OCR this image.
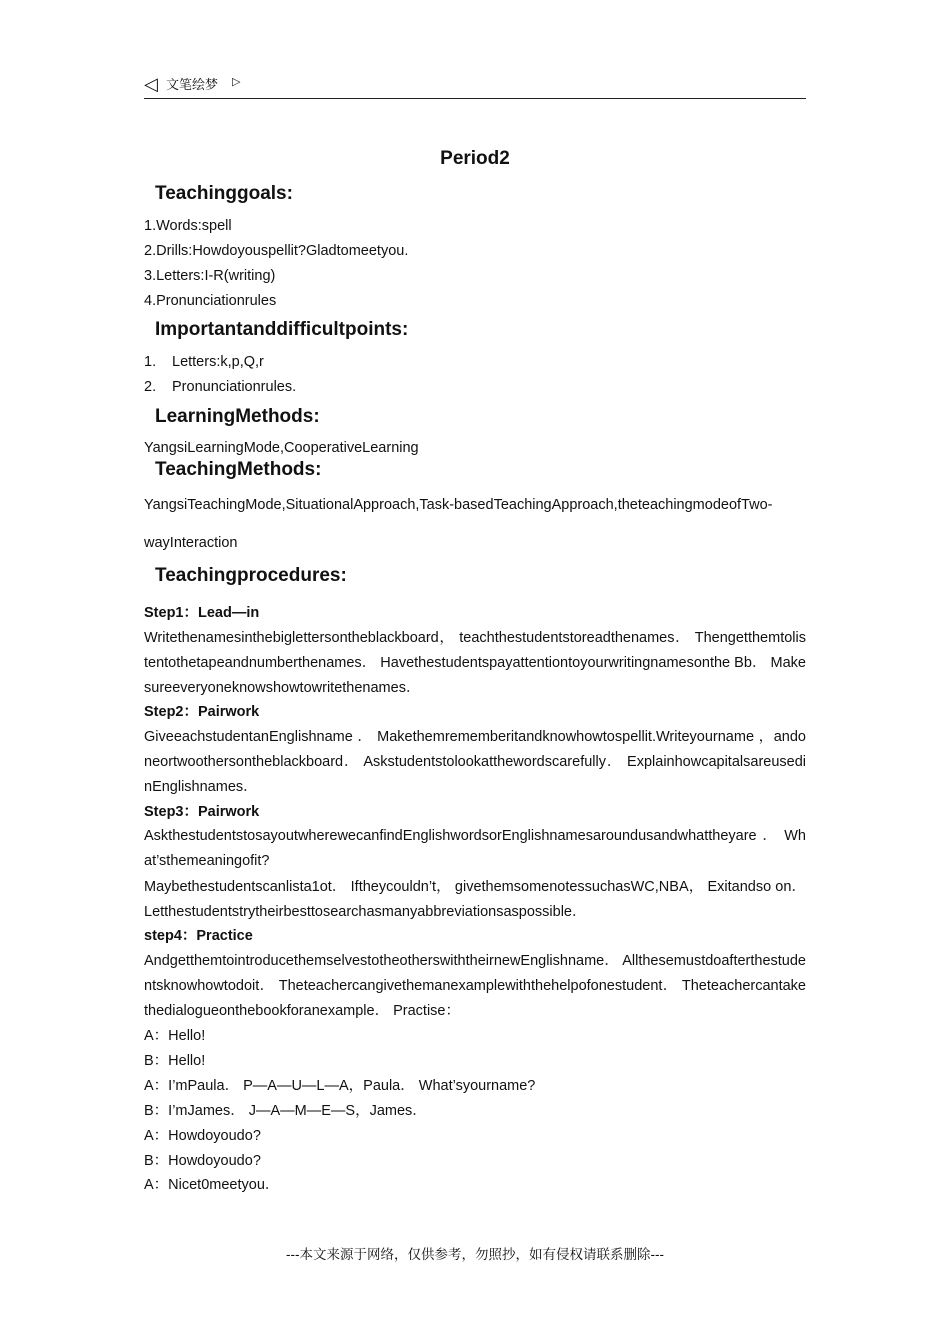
◁ 文笔绘梦 ▷
Period2
Teachinggoals:
1.Words:spell
2.Drills:Howdoyouspellit?Gladtomeetyou.
3.Letters:I-R(writing)
4.Pronunciationrules
Importantanddifficultpoints:
1. Letters:k,p,Q,r
2. Pronunciationrules.
LearningMethods:
YangsiLearningMode,CooperativeLearning
TeachingMethods:
YangsiTeachingMode,SituationalApproach,Task-basedTeachingApproach,theteachingmodeofTwo-
wayInteraction
Teachingprocedures:
Step1：Lead—in
Writethenamesinthebiglettersontheblackboard， teachthestudentstoreadthenames． Thengetthemtolistentothetapeandnumberthenames． Havethestudentspayattentiontoyourwritingnamesonthe Bb． Makesureeveryoneknowshowtowritethenames．
Step2：Pairwork
GiveeachstudentanEnglishname ． Makethemrememberitandknowhowtospellit.Writeyourname ，andoneortwoothersontheblackboard． Askstudentstolookatthewordscarefully． ExplainhowcapitalsareusedinEnglishnames．
Step3：Pairwork
AskthestudentstosayoutwherewecanfindEnglishwordsorEnglishnamesaroundusandwhattheyare ． What’sthemeaningofit?
Maybethestudentscanlista1ot． Iftheycouldn’t， givethemsomenotessuchasWC,NBA， Exitandso on． Letthestudentstrytheirbesttosearchasmanyabbreviationsaspossible．
step4：Practice
AndgetthemtointroducethemselvestotheotherswiththeirnewEnglishname． Allthesemustdoafterthestudentsknowhowtodoit． Theteachercangivethemanexamplewiththehelpofonestudent． Theteachercantakethedialogueonthebookforanexample． Practise：
A：Hello!
B：Hello!
A：I’mPaula． P—A—U—L—A，Paula． What’syourname?
B：I’mJames． J—A—M—E—S，James．
A：Howdoyoudo?
B：Howdoyoudo?
A：Nicet0meetyou．
---本文来源于网络，仅供参考，勿照抄，如有侵权请联系删除---
